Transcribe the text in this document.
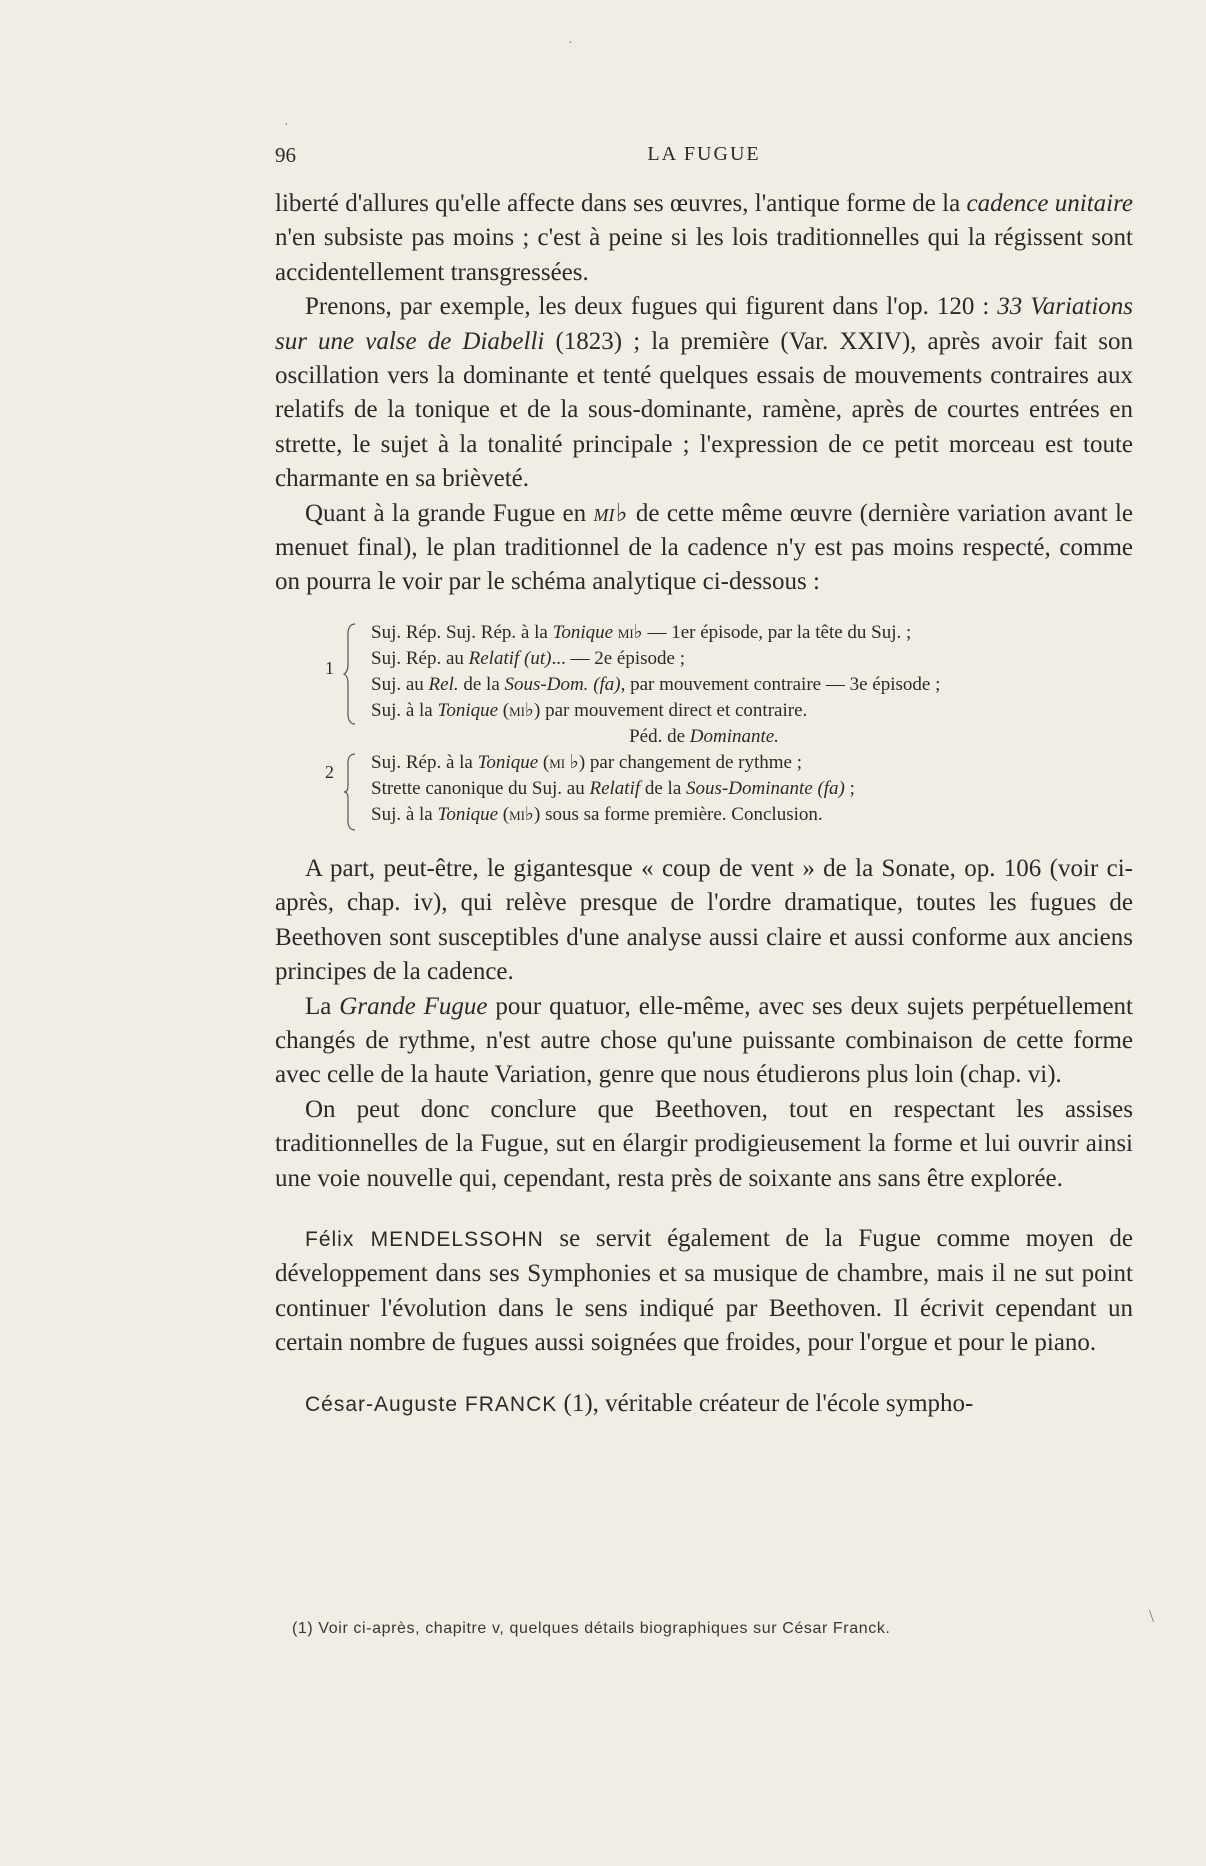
96	LA FUGUE

liberté d'allures qu'elle affecte dans ses œuvres, l'antique forme de la cadence unitaire n'en subsiste pas moins ; c'est à peine si les lois traditionnelles qui la régissent sont accidentellement transgressées.

Prenons, par exemple, les deux fugues qui figurent dans l'op. 120 : 33 Variations sur une valse de Diabelli (1823) ; la première (Var. XXIV), après avoir fait son oscillation vers la dominante et tenté quelques essais de mouvements contraires aux relatifs de la tonique et de la sous-dominante, ramène, après de courtes entrées en strette, le sujet à la tonalité principale ; l'expression de ce petit morceau est toute charmante en sa brièveté.

Quant à la grande Fugue en mi♭ de cette même œuvre (dernière variation avant le menuet final), le plan traditionnel de la cadence n'y est pas moins respecté, comme on pourra le voir par le schéma analytique ci-dessous :

1
2
Suj. Rép. Suj. Rép. à la Tonique mi♭ — 1er épisode, par la tête du Suj. ;
Suj. Rép. au Relatif (ut)... — 2e épisode ;
Suj. au Rel. de la Sous-Dom. (fa), par mouvement contraire — 3e épisode ;
Suj. à la Tonique (mi♭) par mouvement direct et contraire.
Péd. de Dominante.
Suj. Rép. à la Tonique (mi ♭) par changement de rythme ;
Strette canonique du Suj. au Relatif de la Sous-Dominante (fa) ;
Suj. à la Tonique (mi♭) sous sa forme première. Conclusion.

A part, peut-être, le gigantesque « coup de vent » de la Sonate, op. 106 (voir ci-après, chap. iv), qui relève presque de l'ordre dramatique, toutes les fugues de Beethoven sont susceptibles d'une analyse aussi claire et aussi conforme aux anciens principes de la cadence.

La Grande Fugue pour quatuor, elle-même, avec ses deux sujets perpétuellement changés de rythme, n'est autre chose qu'une puissante combinaison de cette forme avec celle de la haute Variation, genre que nous étudierons plus loin (chap. vi).

On peut donc conclure que Beethoven, tout en respectant les assises traditionnelles de la Fugue, sut en élargir prodigieusement la forme et lui ouvrir ainsi une voie nouvelle qui, cependant, resta près de soixante ans sans être explorée.

Félix MENDELSSOHN se servit également de la Fugue comme moyen de développement dans ses Symphonies et sa musique de chambre, mais il ne sut point continuer l'évolution dans le sens indiqué par Beethoven. Il écrivit cependant un certain nombre de fugues aussi soignées que froides, pour l'orgue et pour le piano.

César-Auguste FRANCK (1), véritable créateur de l'école sympho-

(1) Voir ci-après, chapitre v, quelques détails biographiques sur César Franck.
·
·
\
